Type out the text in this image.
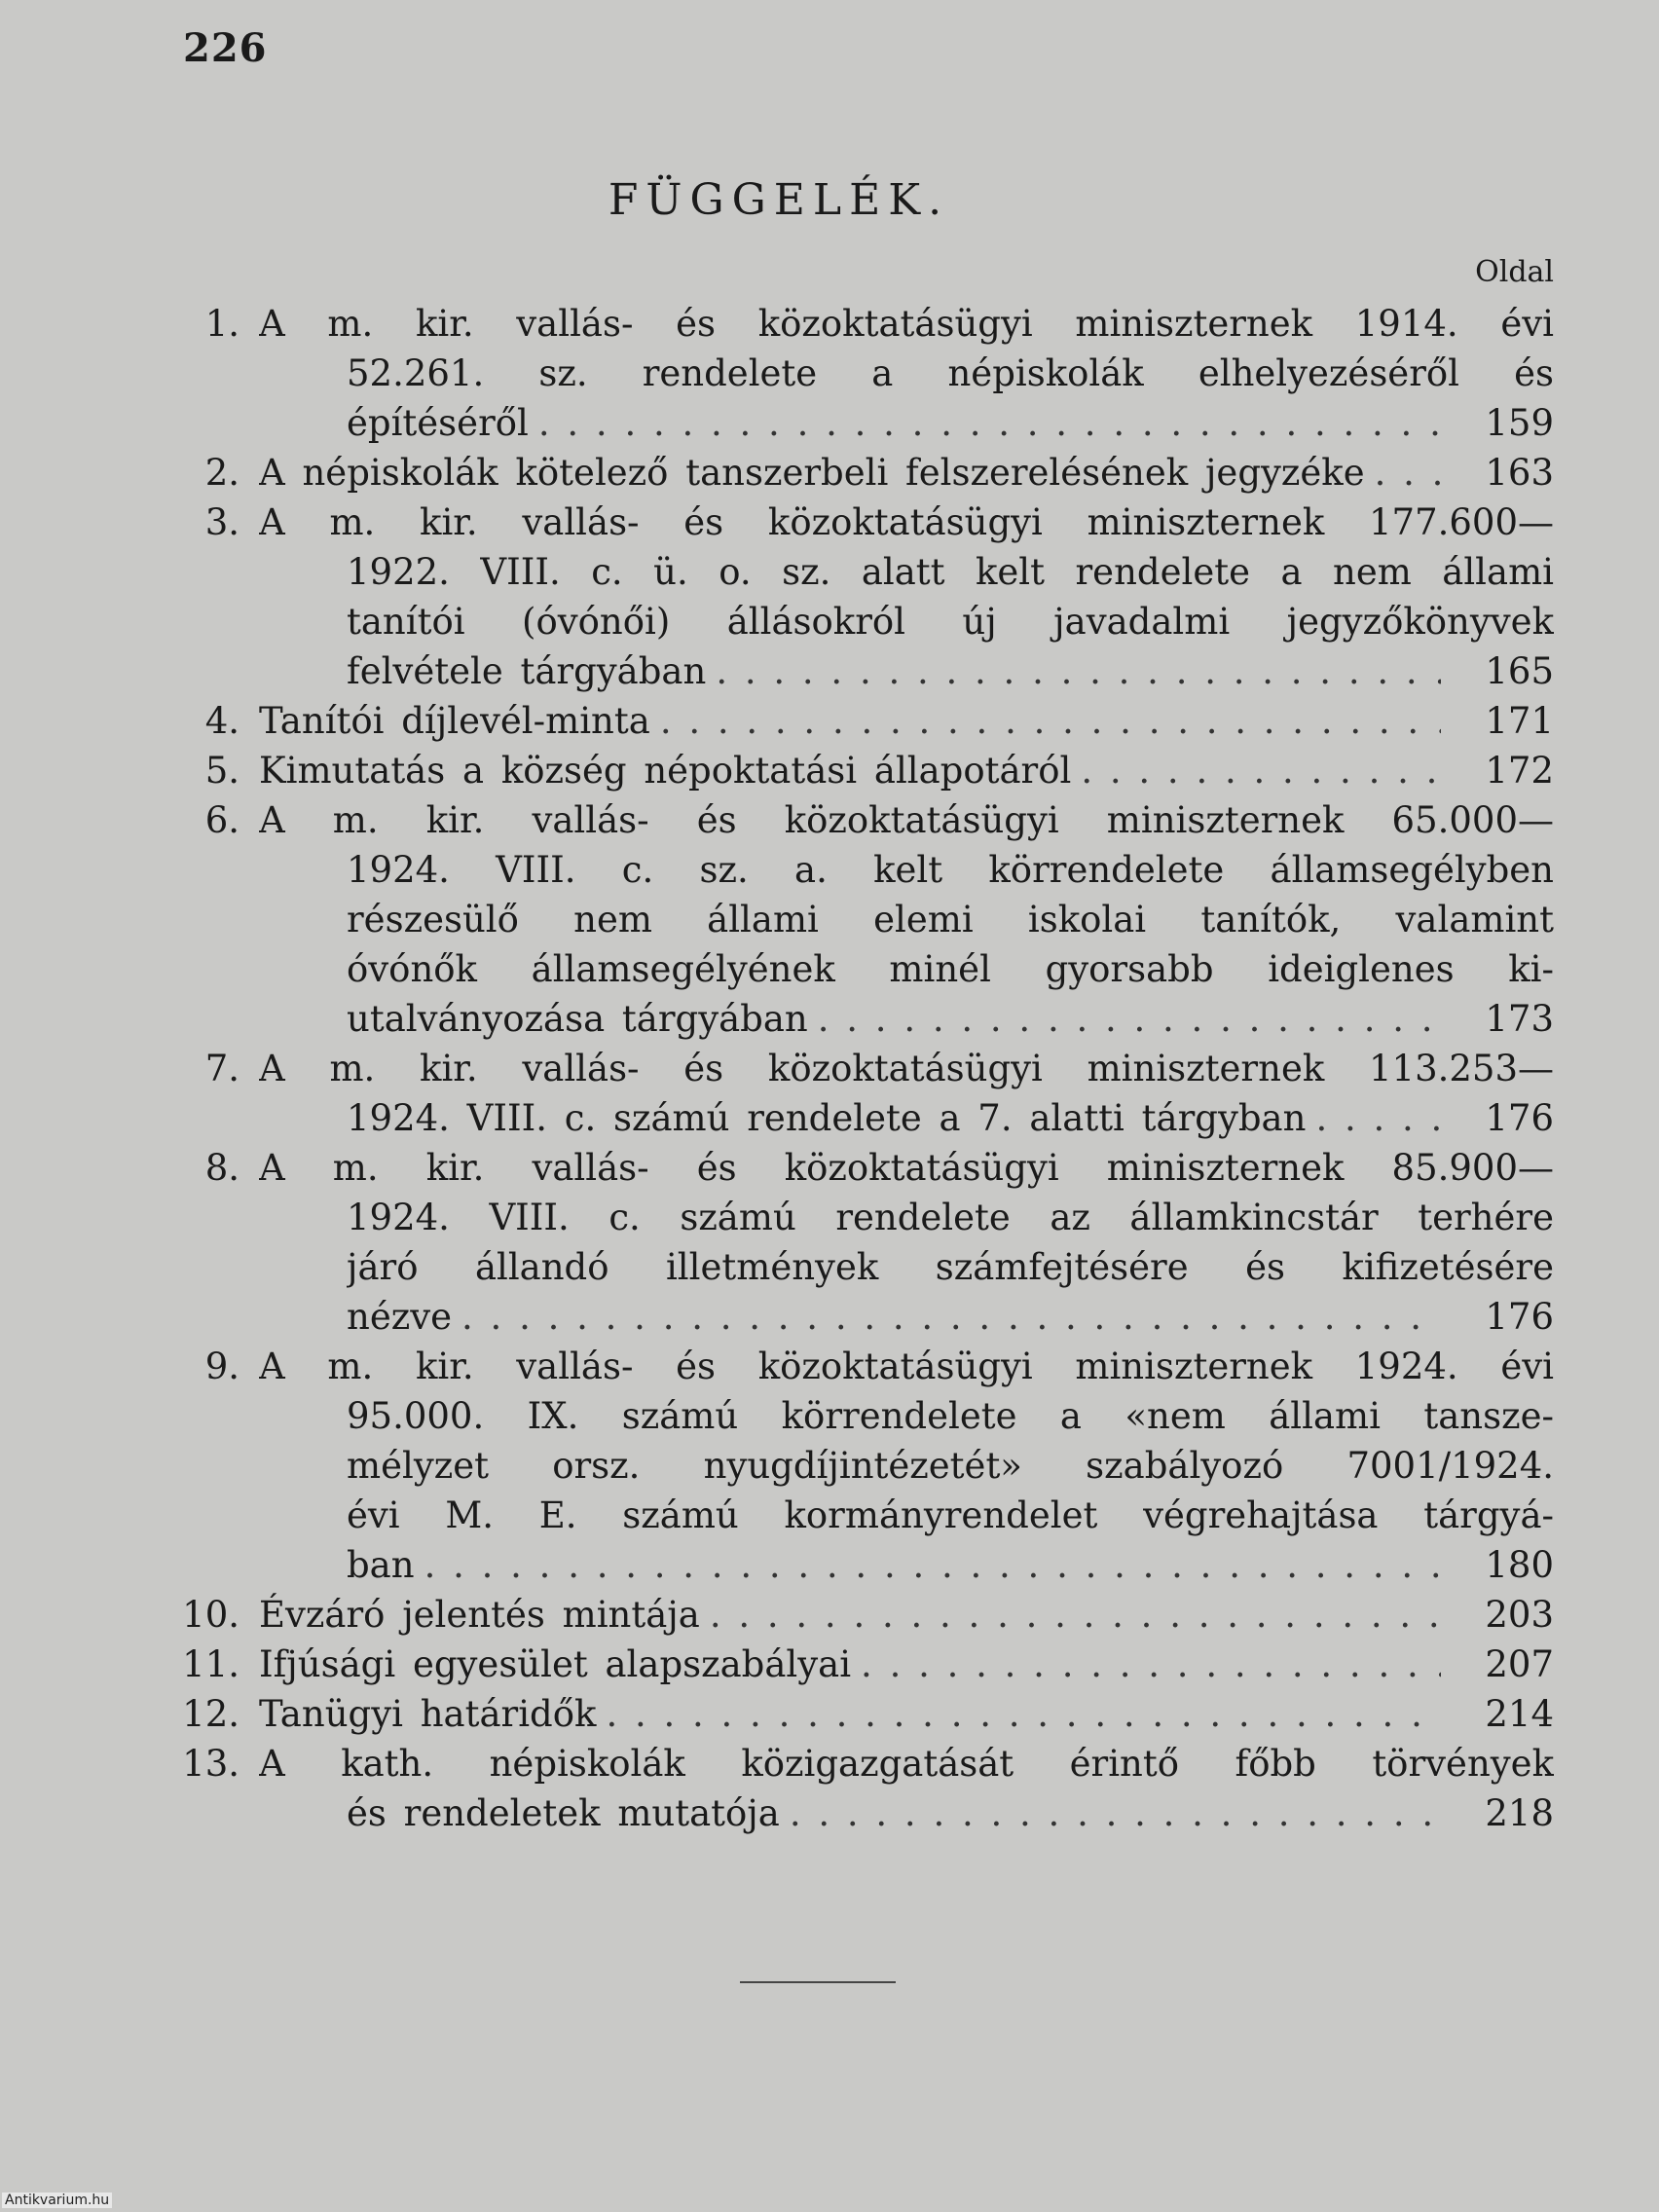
226
FÜGGELÉK.
Oldal
1. A m. kir. vallás- és közoktatásügyi miniszternek 1914. évi
52.261. sz. rendelete a népiskolák elhelyezéséről és
építéséről . . .	159
2. A népiskolák kötelező tanszerbeli felszerelésének jegyzéke . . .	163
3. A m. kir. vallás- és közoktatásügyi miniszternek 177.600—
1922. VIII. c. ü. o. sz. alatt kelt rendelete a nem állami
tanítói (óvónői) állásokról új javadalmi jegyzőkönyvek
felvétele tárgyában . . .	165
4. Tanítói díjlevél-minta . . .	171
5. Kimutatás a község népoktatási állapotáról . . .	172
6. A m. kir. vallás- és közoktatásügyi miniszternek 65.000—
1924. VIII. c. sz. a. kelt körrendelete államsegélyben
részesülő nem állami elemi iskolai tanítók, valamint
óvónők államsegélyének minél gyorsabb ideiglenes ki-
utalványozása tárgyában . . .	173
7. A m. kir. vallás- és közoktatásügyi miniszternek 113.253—
1924. VIII. c. számú rendelete a 7. alatti tárgyban . . .	176
8. A m. kir. vallás- és közoktatásügyi miniszternek 85.900—
1924. VIII. c. számú rendelete az államkincstár terhére
járó állandó illetmények számfejtésére és kifizetésére
nézve . . .	176
9. A m. kir. vallás- és közoktatásügyi miniszternek 1924. évi
95.000. IX. számú körrendelete a «nem állami tansze-
mélyzet orsz. nyugdíjintézetét» szabályozó 7001/1924.
évi M. E. számú kormányrendelet végrehajtása tárgyá-
ban . . .	180
10. Évzáró jelentés mintája . . .	203
11. Ifjúsági egyesület alapszabályai . . .	207
12. Tanügyi határidők . . .	214
13. A kath. népiskolák közigazgatását érintő főbb törvények
és rendeletek mutatója . . .	218
Antikvarium.hu
